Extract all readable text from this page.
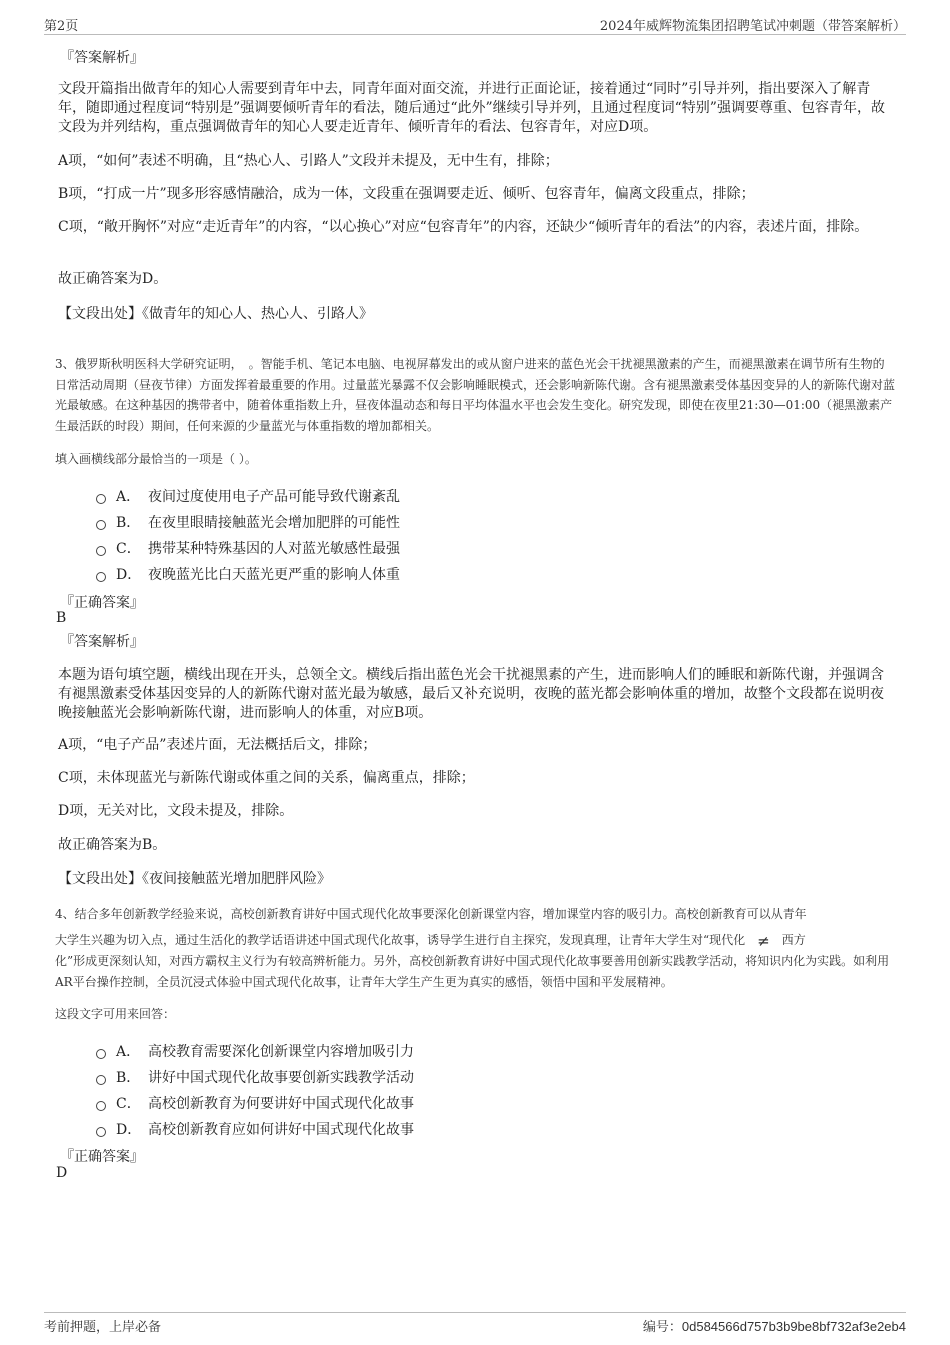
第2页	2024年威辉物流集团招聘笔试冲刺题（带答案解析）
『答案解析』
文段开篇指出做青年的知心人需要到青年中去，同青年面对面交流，并进行正面论证，接着通过“同时”引导并列，指出要深入了解青年，随即通过程度词“特别是”强调要倾听青年的看法，随后通过“此外”继续引导并列，且通过程度词“特别”强调要尊重、包容青年，故文段为并列结构，重点强调做青年的知心人要走近青年、倾听青年的看法、包容青年，对应D项。
A项，“如何”表述不明确，且“热心人、引路人”文段并未提及，无中生有，排除；
B项，“打成一片”现多形容感情融洽，成为一体，文段重在强调要走近、倾听、包容青年，偏离文段重点，排除；
C项，“敞开胸怀”对应“走近青年”的内容，“以心换心”对应“包容青年”的内容，还缺少“倾听青年的看法”的内容，表述片面，排除。
故正确答案为D。
【文段出处】《做青年的知心人、热心人、引路人》
3、俄罗斯秋明医科大学研究证明，　。智能手机、笔记本电脑、电视屏幕发出的或从窗户进来的蓝色光会干扰褪黑激素的产生，而褪黑激素在调节所有生物的日常活动周期（昼夜节律）方面发挥着最重要的作用。过量蓝光暴露不仅会影响睡眠模式，还会影响新陈代谢。含有褪黑激素受体基因变异的人的新陈代谢对蓝光最敏感。在这种基因的携带者中，随着体重指数上升，昼夜体温动态和每日平均体温水平也会发生变化。研究发现，即使在夜里21:30—01:00（褪黑激素产生最活跃的时段）期间，任何来源的少量蓝光与体重指数的增加都相关。
填入画横线部分最恰当的一项是（ ）。
A． 夜间过度使用电子产品可能导致代谢紊乱
B． 在夜里眼睛接触蓝光会增加肥胖的可能性
C． 携带某种特殊基因的人对蓝光敏感性最强
D． 夜晚蓝光比白天蓝光更严重的影响人体重
『正确答案』
B
『答案解析』
本题为语句填空题，横线出现在开头，总领全文。横线后指出蓝色光会干扰褪黑素的产生，进而影响人们的睡眠和新陈代谢，并强调含有褪黑激素受体基因变异的人的新陈代谢对蓝光最为敏感，最后又补充说明，夜晚的蓝光都会影响体重的增加，故整个文段都在说明夜晚接触蓝光会影响新陈代谢，进而影响人的体重，对应B项。
A项，“电子产品”表述片面，无法概括后文，排除；
C项，未体现蓝光与新陈代谢或体重之间的关系，偏离重点，排除；
D项，无关对比，文段未提及，排除。
故正确答案为B。
【文段出处】《夜间接触蓝光增加肥胖风险》
4、结合多年创新教学经验来说，高校创新教育讲好中国式现代化故事要深化创新课堂内容，增加课堂内容的吸引力。高校创新教育可以从青年
大学生兴趣为切入点，通过生活化的教学话语讲述中国式现代化故事，诱导学生进行自主探究，发现真理，让青年大学生对“现代化 ≠ 西方
化”形成更深刻认知，对西方霸权主义行为有较高辨析能力。另外，高校创新教育讲好中国式现代化故事要善用创新实践教学活动，将知识内化为实践。如利用AR平台操作控制，全员沉浸式体验中国式现代化故事，让青年大学生产生更为真实的感悟，领悟中国和平发展精神。
这段文字可用来回答：
A． 高校教育需要深化创新课堂内容增加吸引力
B． 讲好中国式现代化故事要创新实践教学活动
C． 高校创新教育为何要讲好中国式现代化故事
D． 高校创新教育应如何讲好中国式现代化故事
『正确答案』
D
考前押题，上岸必备	编号：0d584566d757b3b9be8bf732af3e2eb4
